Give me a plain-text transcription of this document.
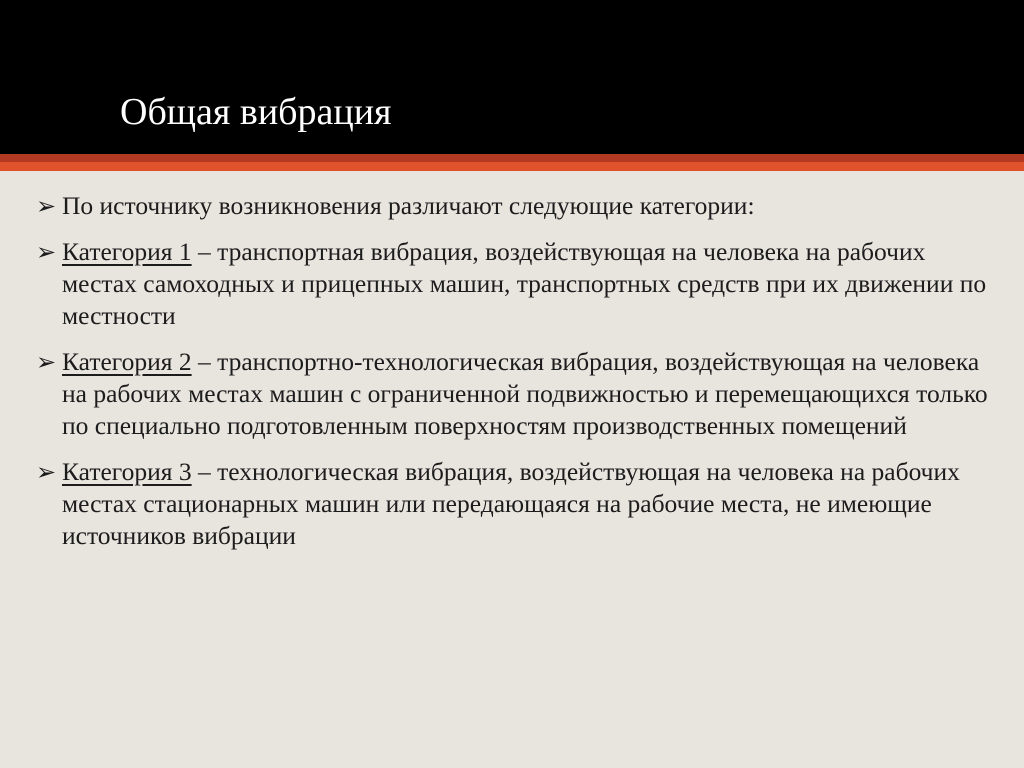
Общая вибрация
➢ По источнику возникновения различают следующие категории:
➢ Категория 1 – транспортная вибрация, воздействующая на человека на рабочих местах самоходных и прицепных машин, транспортных средств при их движении по местности
➢ Категория 2 – транспортно-технологическая вибрация, воздействующая на человека на рабочих местах машин с ограниченной подвижностью и перемещающихся только по специально подготовленным поверхностям производственных помещений
➢ Категория 3 – технологическая вибрация, воздействующая на человека на рабочих местах стационарных машин или передающаяся на рабочие места, не имеющие источников вибрации
